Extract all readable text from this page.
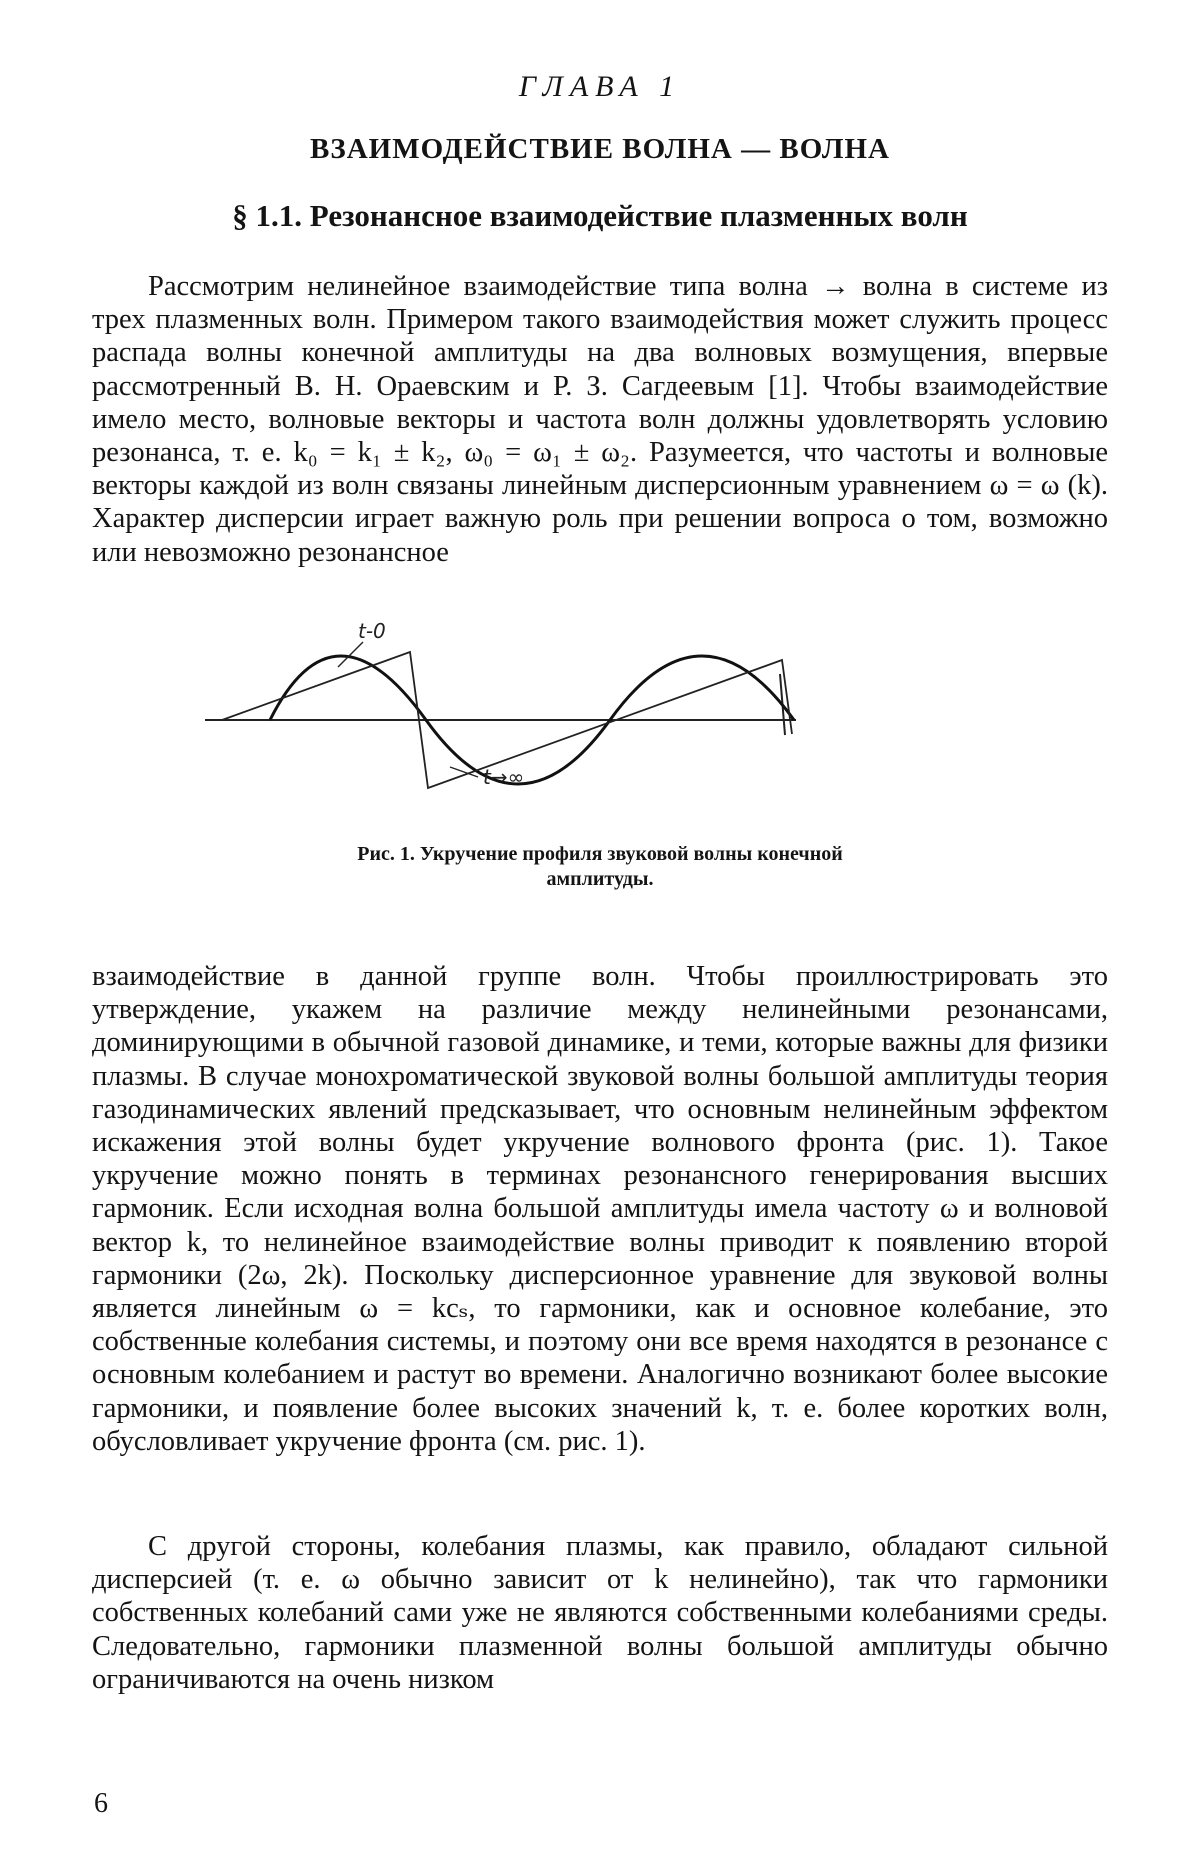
ГЛАВА 1
ВЗАИМОДЕЙСТВИЕ ВОЛНА — ВОЛНА
§ 1.1. Резонансное взаимодействие плазменных волн

Рассмотрим нелинейное взаимодействие типа волна → волна в системе из трех плазменных волн. Примером такого взаимодействия может служить процесс распада волны конечной амплитуды на два волновых возмущения, впервые рассмотренный В. Н. Ораевским и Р. З. Сагдеевым [1]. Чтобы взаимодействие имело место, волновые векторы и частота волн должны удовлетворять условию резонанса, т. е. k₀ = k₁ ± k₂, ω₀ = ω₁ ± ω₂. Разумеется, что частоты и волновые векторы каждой из волн связаны линейным дисперсионным уравнением ω = ω (k). Характер дисперсии играет важную роль при решении вопроса о том, возможно или невозможно резонансное

t-0
t→∞
Рис. 1. Укручение профиля звуковой волны конечной
амплитуды.

взаимодействие в данной группе волн. Чтобы проиллюстрировать это утверждение, укажем на различие между нелинейными резонансами, доминирующими в обычной газовой динамике, и теми, которые важны для физики плазмы. В случае монохроматической звуковой волны большой амплитуды теория газодинамических явлений предсказывает, что основным нелинейным эффектом искажения этой волны будет укручение волнового фронта (рис. 1). Такое укручение можно понять в терминах резонансного генерирования высших гармоник. Если исходная волна большой амплитуды имела частоту ω и волновой вектор k, то нелинейное взаимодействие волны приводит к появлению второй гармоники (2ω, 2k). Поскольку дисперсионное уравнение для звуковой волны является линейным ω = kcₛ, то гармоники, как и основное колебание, это собственные колебания системы, и поэтому они все время находятся в резонансе с основным колебанием и растут во времени. Аналогично возникают более высокие гармоники, и появление более высоких значений k, т. е. более коротких волн, обусловливает укручение фронта (см. рис. 1).

С другой стороны, колебания плазмы, как правило, обладают сильной дисперсией (т. е. ω обычно зависит от k нелинейно), так что гармоники собственных колебаний сами уже не являются собственными колебаниями среды. Следовательно, гармоники плазменной волны большой амплитуды обычно ограничиваются на очень низком

6
